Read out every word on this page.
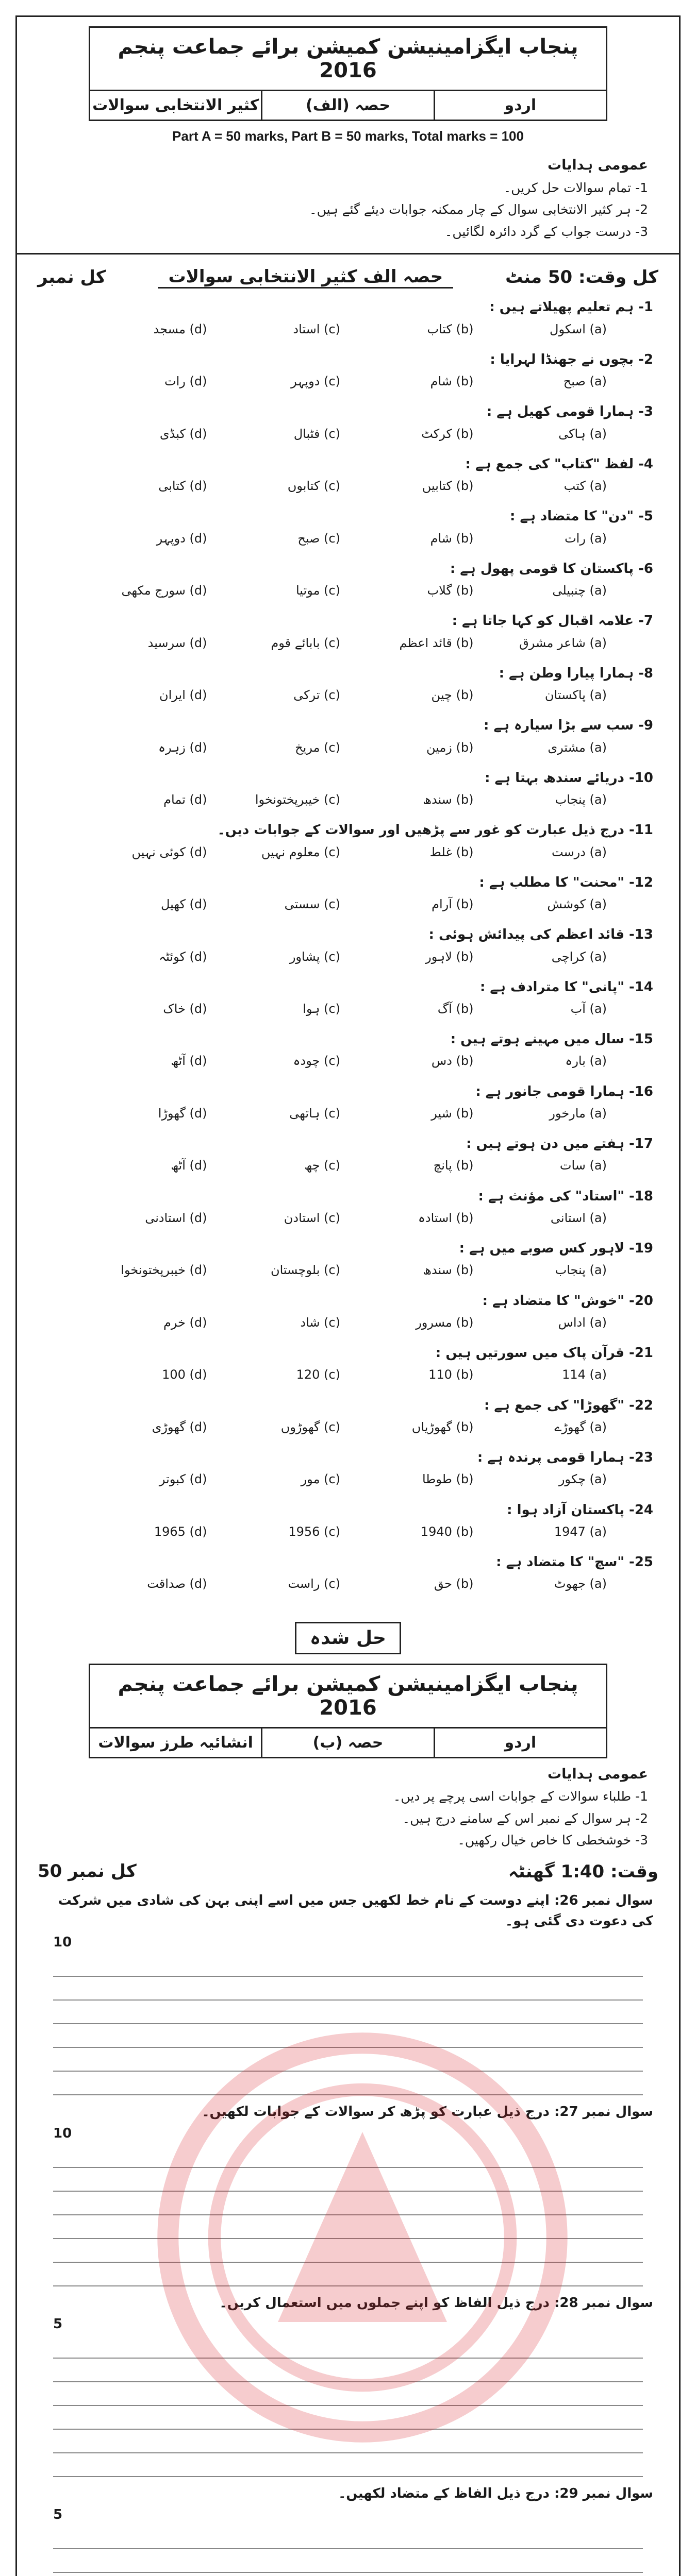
پنجاب ایگزامینیشن کمیشن برائے جماعت پنجم 2016
اردو
حصہ (الف)
کثیر الانتخابی سوالات
Part A = 50 marks, Part B = 50 marks, Total marks = 100
عمومی ہدایات
1- تمام سوالات حل کریں۔
2- ہر کثیر الانتخابی سوال کے چار ممکنہ جوابات دیئے گئے ہیں۔
3- درست جواب کے گرد دائرہ لگائیں۔
کل وقت: 50 منٹ
حصہ الف کثیر الانتخابی سوالات
کل نمبر
1- ہم تعلیم پھیلاتے ہیں :
(a) اسکول
(b) کتاب
(c) استاد
(d) مسجد
2- بچوں نے جھنڈا لہرایا :
(a) صبح
(b) شام
(c) دوپہر
(d) رات
3- ہمارا قومی کھیل ہے :
(a) ہاکی
(b) کرکٹ
(c) فٹبال
(d) کبڈی
4- لفظ "کتاب" کی جمع ہے :
(a) کتب
(b) کتابیں
(c) کتابوں
(d) کتابی
5- "دن" کا متضاد ہے :
(a) رات
(b) شام
(c) صبح
(d) دوپہر
6- پاکستان کا قومی پھول ہے :
(a) چنبیلی
(b) گلاب
(c) موتیا
(d) سورج مکھی
7- علامہ اقبال کو کہا جاتا ہے :
(a) شاعر مشرق
(b) قائد اعظم
(c) بابائے قوم
(d) سرسید
8- ہمارا پیارا وطن ہے :
(a) پاکستان
(b) چین
(c) ترکی
(d) ایران
9- سب سے بڑا سیارہ ہے :
(a) مشتری
(b) زمین
(c) مریخ
(d) زہرہ
10- دریائے سندھ بہتا ہے :
(a) پنجاب
(b) سندھ
(c) خیبرپختونخوا
(d) تمام
11- درج ذیل عبارت کو غور سے پڑھیں اور سوالات کے جوابات دیں۔
(a) درست
(b) غلط
(c) معلوم نہیں
(d) کوئی نہیں
12- "محنت" کا مطلب ہے :
(a) کوشش
(b) آرام
(c) سستی
(d) کھیل
13- قائد اعظم کی پیدائش ہوئی :
(a) کراچی
(b) لاہور
(c) پشاور
(d) کوئٹہ
14- "پانی" کا مترادف ہے :
(a) آب
(b) آگ
(c) ہوا
(d) خاک
15- سال میں مہینے ہوتے ہیں :
(a) بارہ
(b) دس
(c) چودہ
(d) آٹھ
16- ہمارا قومی جانور ہے :
(a) مارخور
(b) شیر
(c) ہاتھی
(d) گھوڑا
17- ہفتے میں دن ہوتے ہیں :
(a) سات
(b) پانچ
(c) چھ
(d) آٹھ
18- "استاد" کی مؤنث ہے :
(a) استانی
(b) استادہ
(c) استادن
(d) استادنی
19- لاہور کس صوبے میں ہے :
(a) پنجاب
(b) سندھ
(c) بلوچستان
(d) خیبرپختونخوا
20- "خوش" کا متضاد ہے :
(a) اداس
(b) مسرور
(c) شاد
(d) خرم
21- قرآن پاک میں سورتیں ہیں :
(a) 114
(b) 110
(c) 120
(d) 100
22- "گھوڑا" کی جمع ہے :
(a) گھوڑے
(b) گھوڑیاں
(c) گھوڑوں
(d) گھوڑی
23- ہمارا قومی پرندہ ہے :
(a) چکور
(b) طوطا
(c) مور
(d) کبوتر
24- پاکستان آزاد ہوا :
(a) 1947
(b) 1940
(c) 1956
(d) 1965
25- "سچ" کا متضاد ہے :
(a) جھوٹ
(b) حق
(c) راست
(d) صداقت
حل شدہ
پنجاب ایگزامینیشن کمیشن برائے جماعت پنجم 2016
اردو
حصہ (ب)
انشائیہ طرز سوالات
عمومی ہدایات
1- طلباء سوالات کے جوابات اسی پرچے پر دیں۔
2- ہر سوال کے نمبر اس کے سامنے درج ہیں۔
3- خوشخطی کا خاص خیال رکھیں۔
وقت: 1:40 گھنٹہ
کل نمبر 50
سوال نمبر 26: اپنے دوست کے نام خط لکھیں جس میں اسے اپنی بہن کی شادی میں شرکت کی دعوت دی گئی ہو۔
10
سوال نمبر 27: درج ذیل عبارت کو پڑھ کر سوالات کے جوابات لکھیں۔
10
سوال نمبر 28: درج ذیل الفاظ کو اپنے جملوں میں استعمال کریں۔
5
سوال نمبر 29: درج ذیل الفاظ کے متضاد لکھیں۔
5
